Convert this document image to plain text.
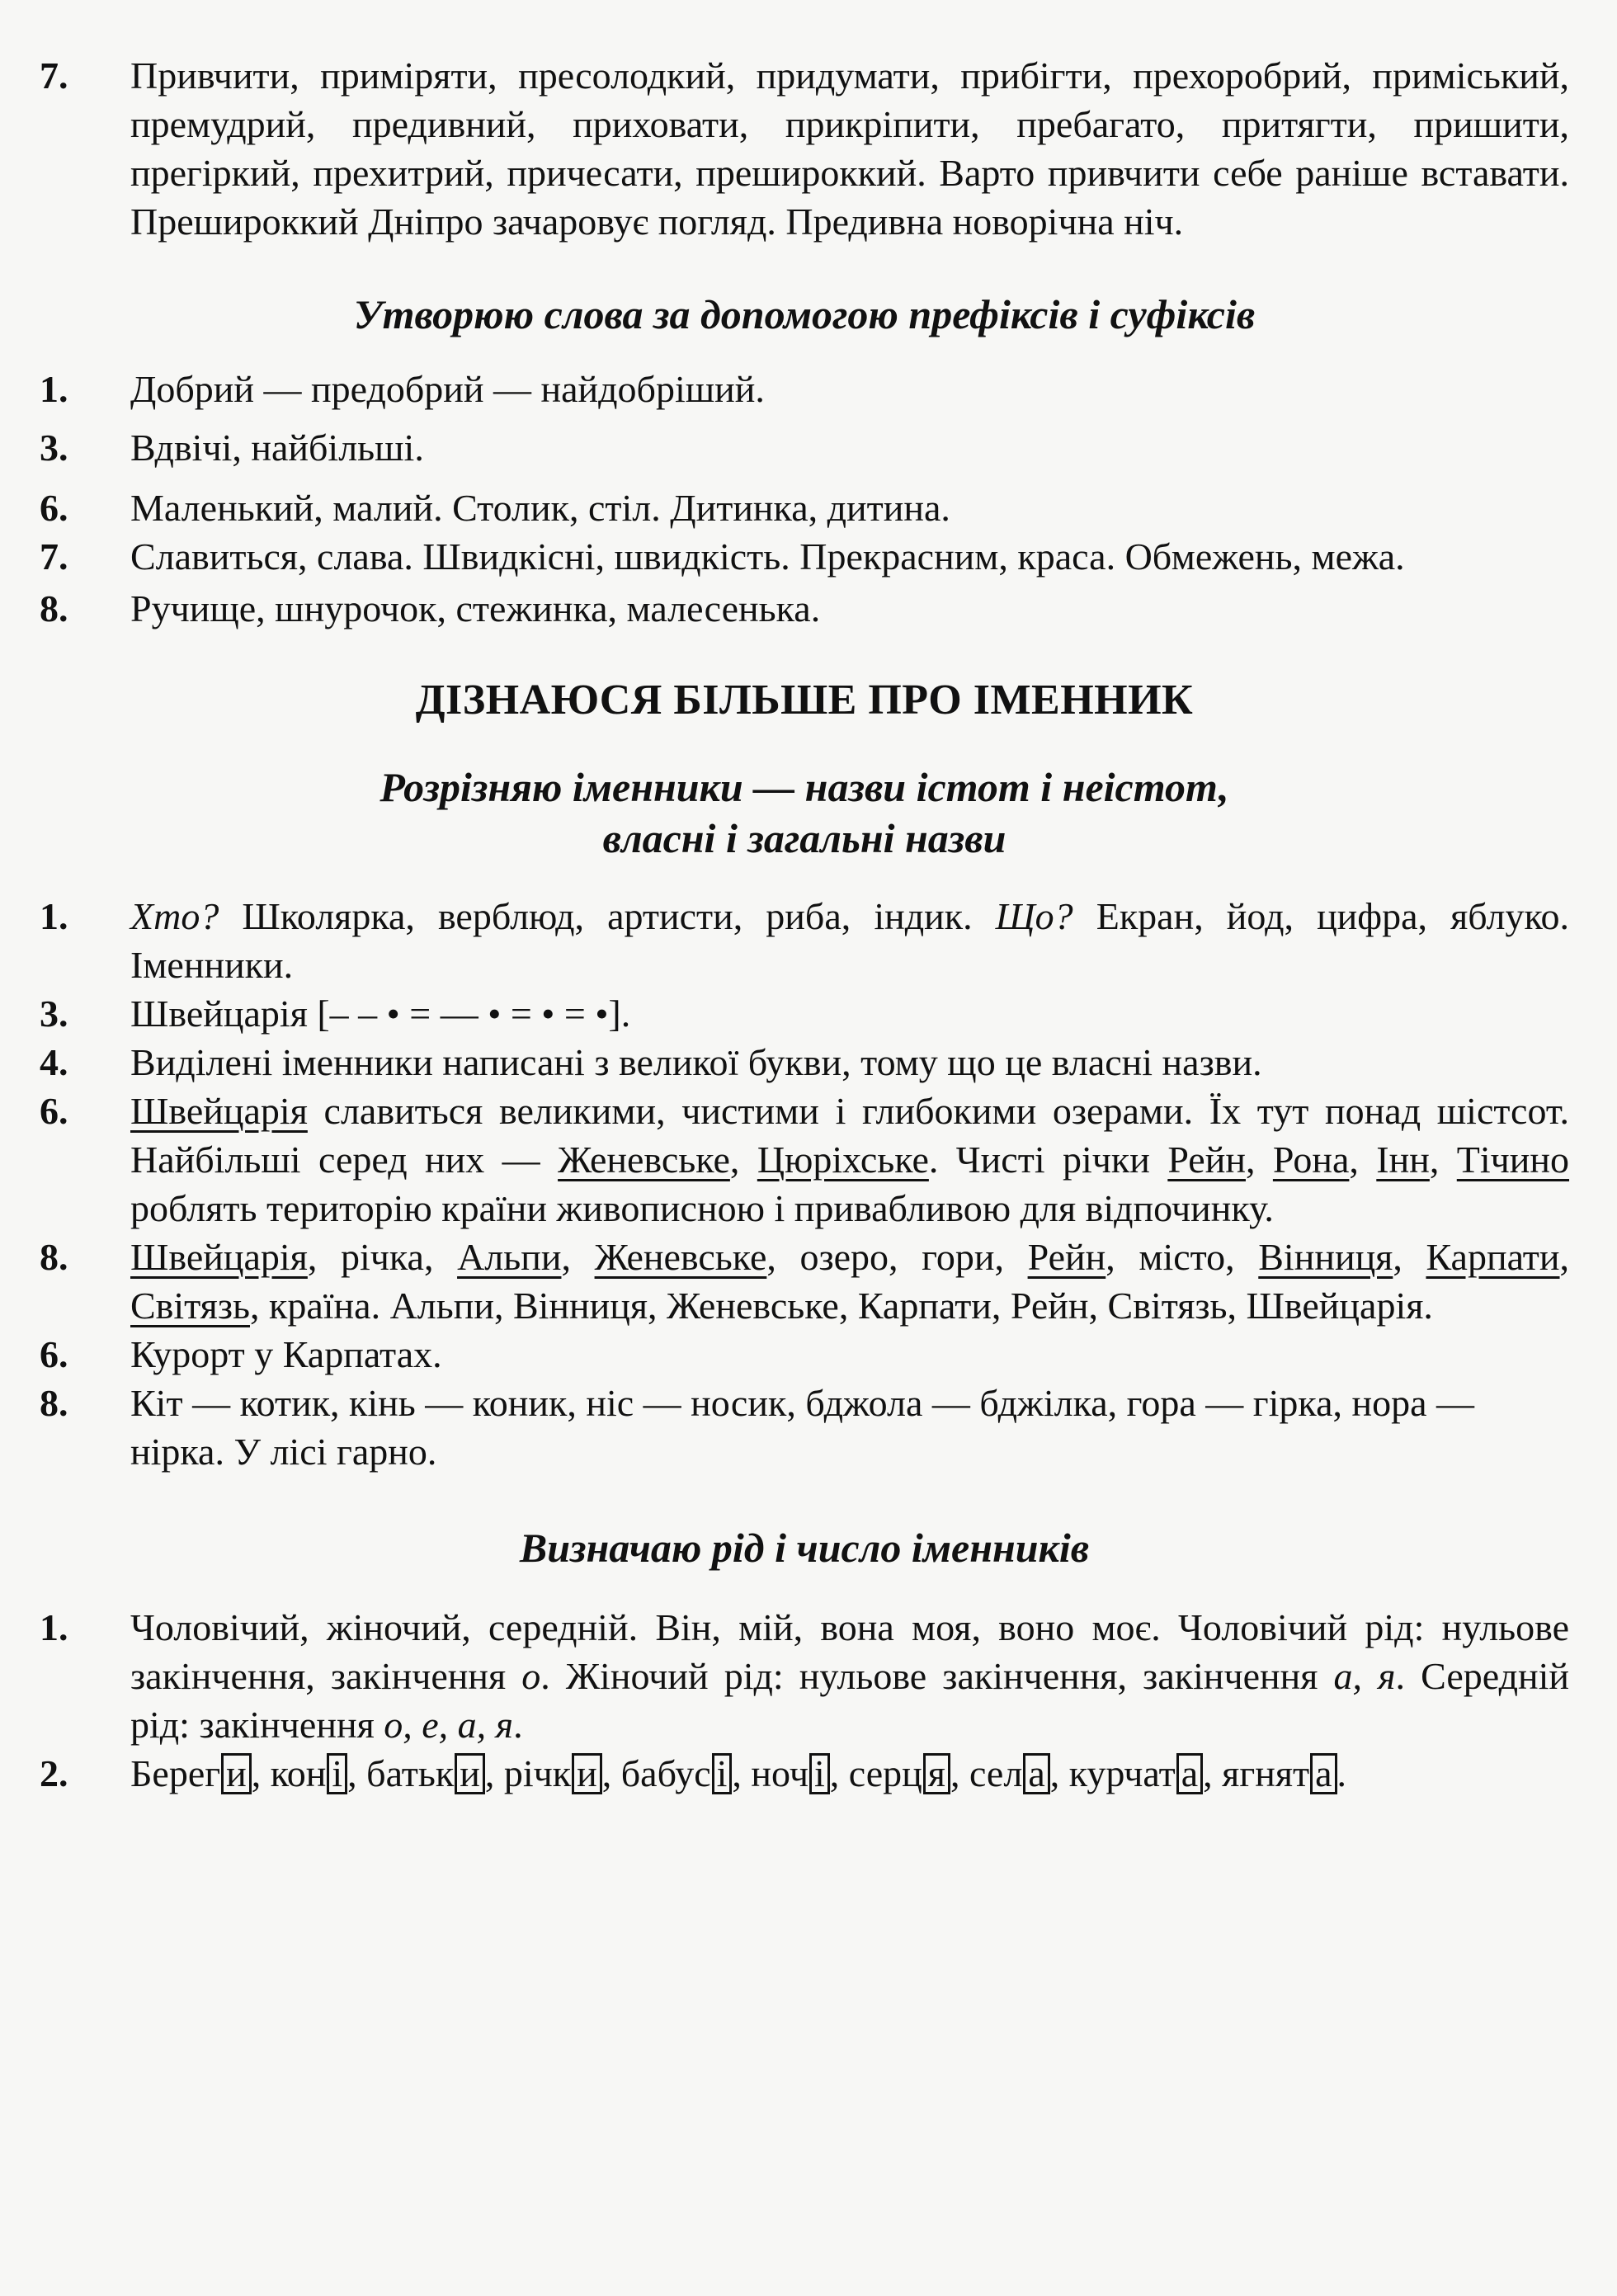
7.	Привчити, приміряти, пресолодкий, придумати, прибігти, прехоробрий, приміський, премудрий, предивний, приховати, прикріпити, пребагато, притягти, пришити, прегіркий, прехитрий, причесати, прешироккий. Варто привчити себе раніше вставати. Прешироккий Дніпро зачаровує погляд. Предивна новорічна ніч.
Утворюю слова за допомогою префіксів і суфіксів
1.	Добрий — предобрий — найдобріший.
3.	Вдвічі, найбільші.
6.	Маленький, малий. Столик, стіл. Дитинка, дитина.
7.	Славиться, слава. Швидкісні, швидкість. Прекрасним, краса. Обмежень, межа.
8.	Ручище, шнурочок, стежинка, малесенька.
ДІЗНАЮСЯ БІЛЬШЕ ПРО ІМЕННИК
Розрізняю іменники — назви істот і неістот,
власні і загальні назви
1.	Хто? Школярка, верблюд, артисти, риба, індик. Що? Екран, йод, цифра, яблуко. Іменники.
3.	Швейцарія [– – • = — • = • = •].
4.	Виділені іменники написані з великої букви, тому що це власні назви.
6.	Швейцарія славиться великими, чистими і глибокими озерами. Їх тут понад шістсот. Найбільші серед них — Женевське, Цюріхське. Чисті річки Рейн, Рона, Інн, Тічино роблять територію країни живописною і привабливою для відпочинку.
8.	Швейцарія, річка, Альпи, Женевське, озеро, гори, Рейн, місто, Вінниця, Карпати, Світязь, країна. Альпи, Вінниця, Женевське, Карпати, Рейн, Світязь, Швейцарія.
6.	Курорт у Карпатах.
8.	Кіт — котик, кінь — коник, ніс — носик, бджола — бджілка, гора — гірка, нора — нірка. У лісі гарно.
Визначаю рід і число іменників
1.	Чоловічий, жіночий, середній. Він, мій, вона моя, воно моє. Чоловічий рід: нульове закінчення, закінчення о. Жіночий рід: нульове закінчення, закінчення а, я. Середній рід: закінчення о, е, а, я.
2.	Берег и , кон і , батьк и , річк и , бабус і , ноч і , серц я , сел а , курчат а , ягнят а .
